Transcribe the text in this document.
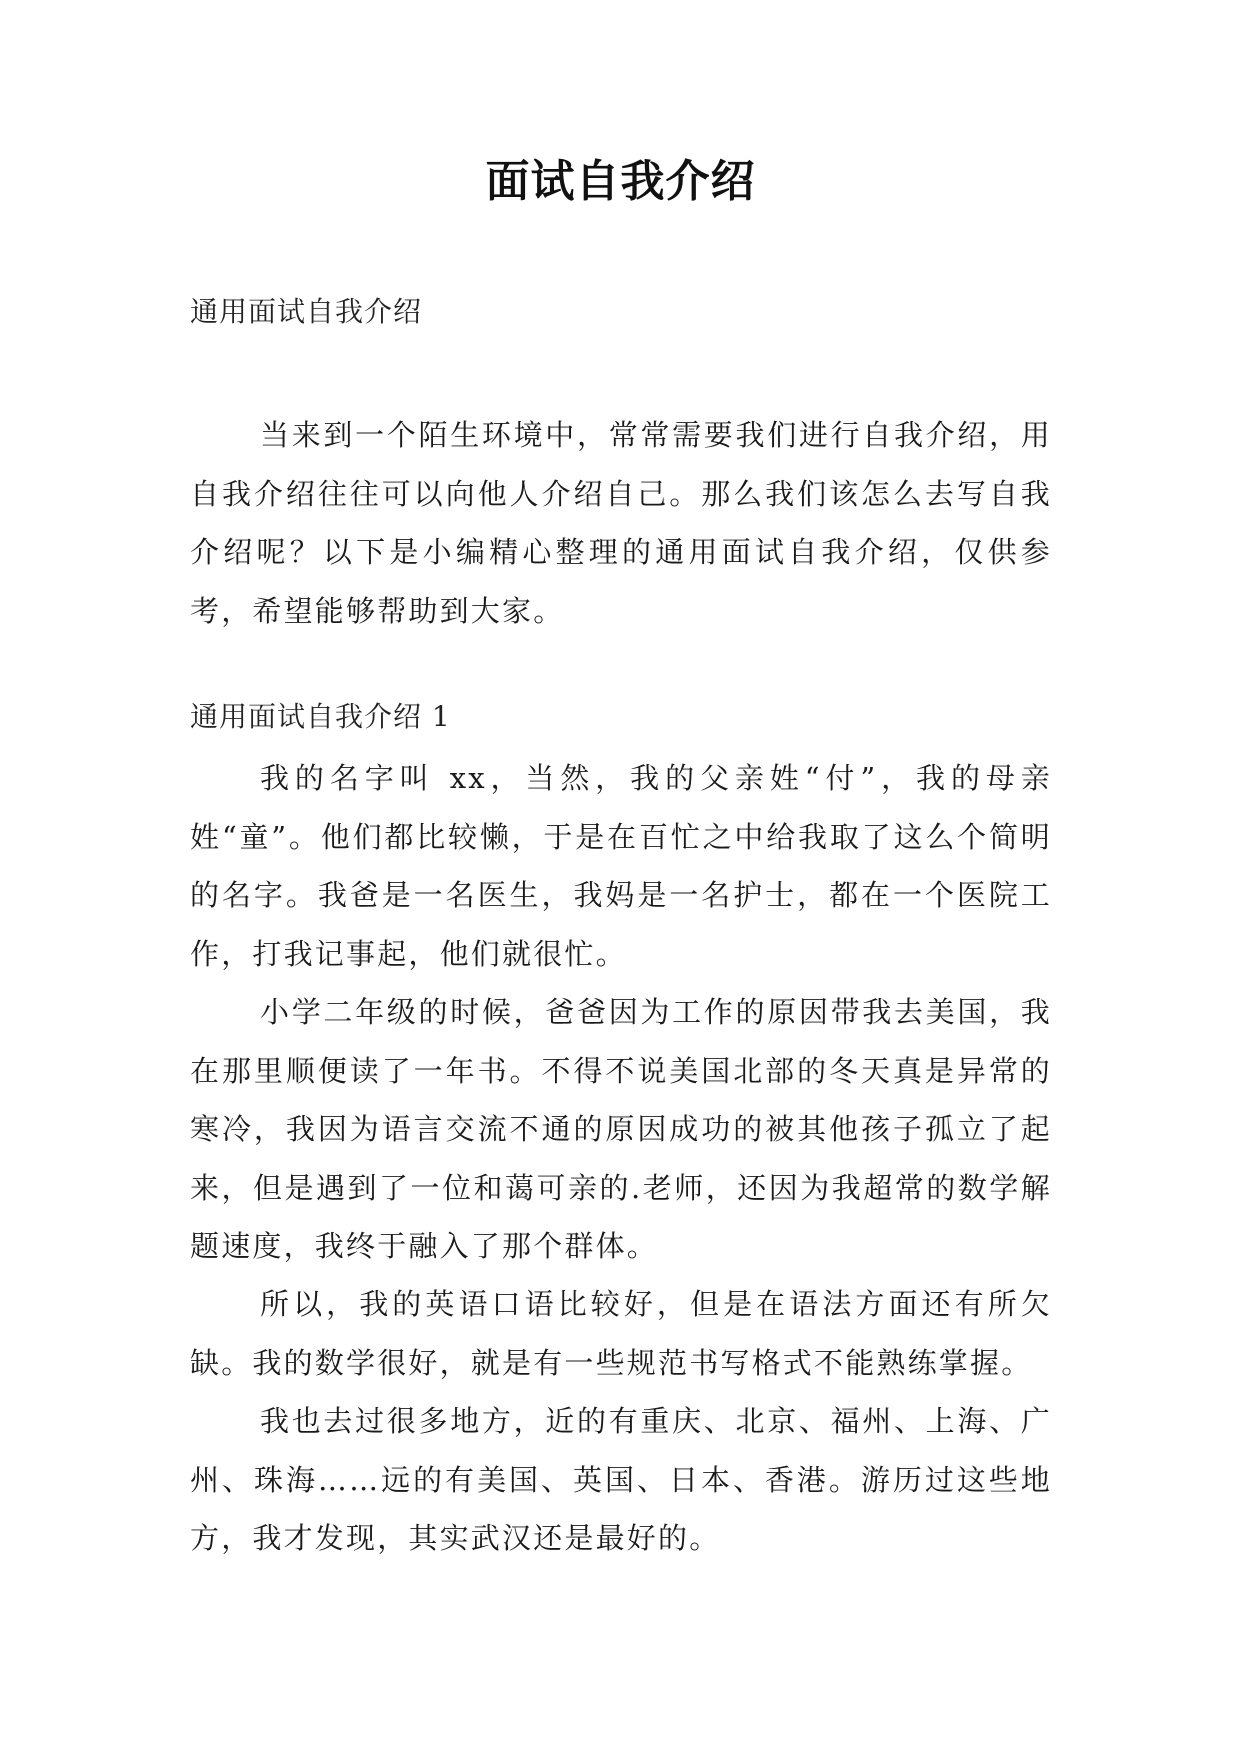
面试自我介绍
通用面试自我介绍

当来到一个陌生环境中，常常需要我们进行自我介绍，用自我介绍往往可以向他人介绍自己。那么我们该怎么去写自我介绍呢？以下是小编精心整理的通用面试自我介绍，仅供参考，希望能够帮助到大家。

通用面试自我介绍 1

我的名字叫 xx，当然，我的父亲姓“付”，我的母亲姓“童”。他们都比较懒，于是在百忙之中给我取了这么个简明的名字。我爸是一名医生，我妈是一名护士，都在一个医院工作，打我记事起，他们就很忙。

小学二年级的时候，爸爸因为工作的原因带我去美国，我在那里顺便读了一年书。不得不说美国北部的冬天真是异常的寒冷，我因为语言交流不通的原因成功的被其他孩子孤立了起来，但是遇到了一位和蔼可亲的.老师，还因为我超常的数学解题速度，我终于融入了那个群体。

所以，我的英语口语比较好，但是在语法方面还有所欠缺。我的数学很好，就是有一些规范书写格式不能熟练掌握。

我也去过很多地方，近的有重庆、北京、福州、上海、广州、珠海……远的有美国、英国、日本、香港。游历过这些地方，我才发现，其实武汉还是最好的。
